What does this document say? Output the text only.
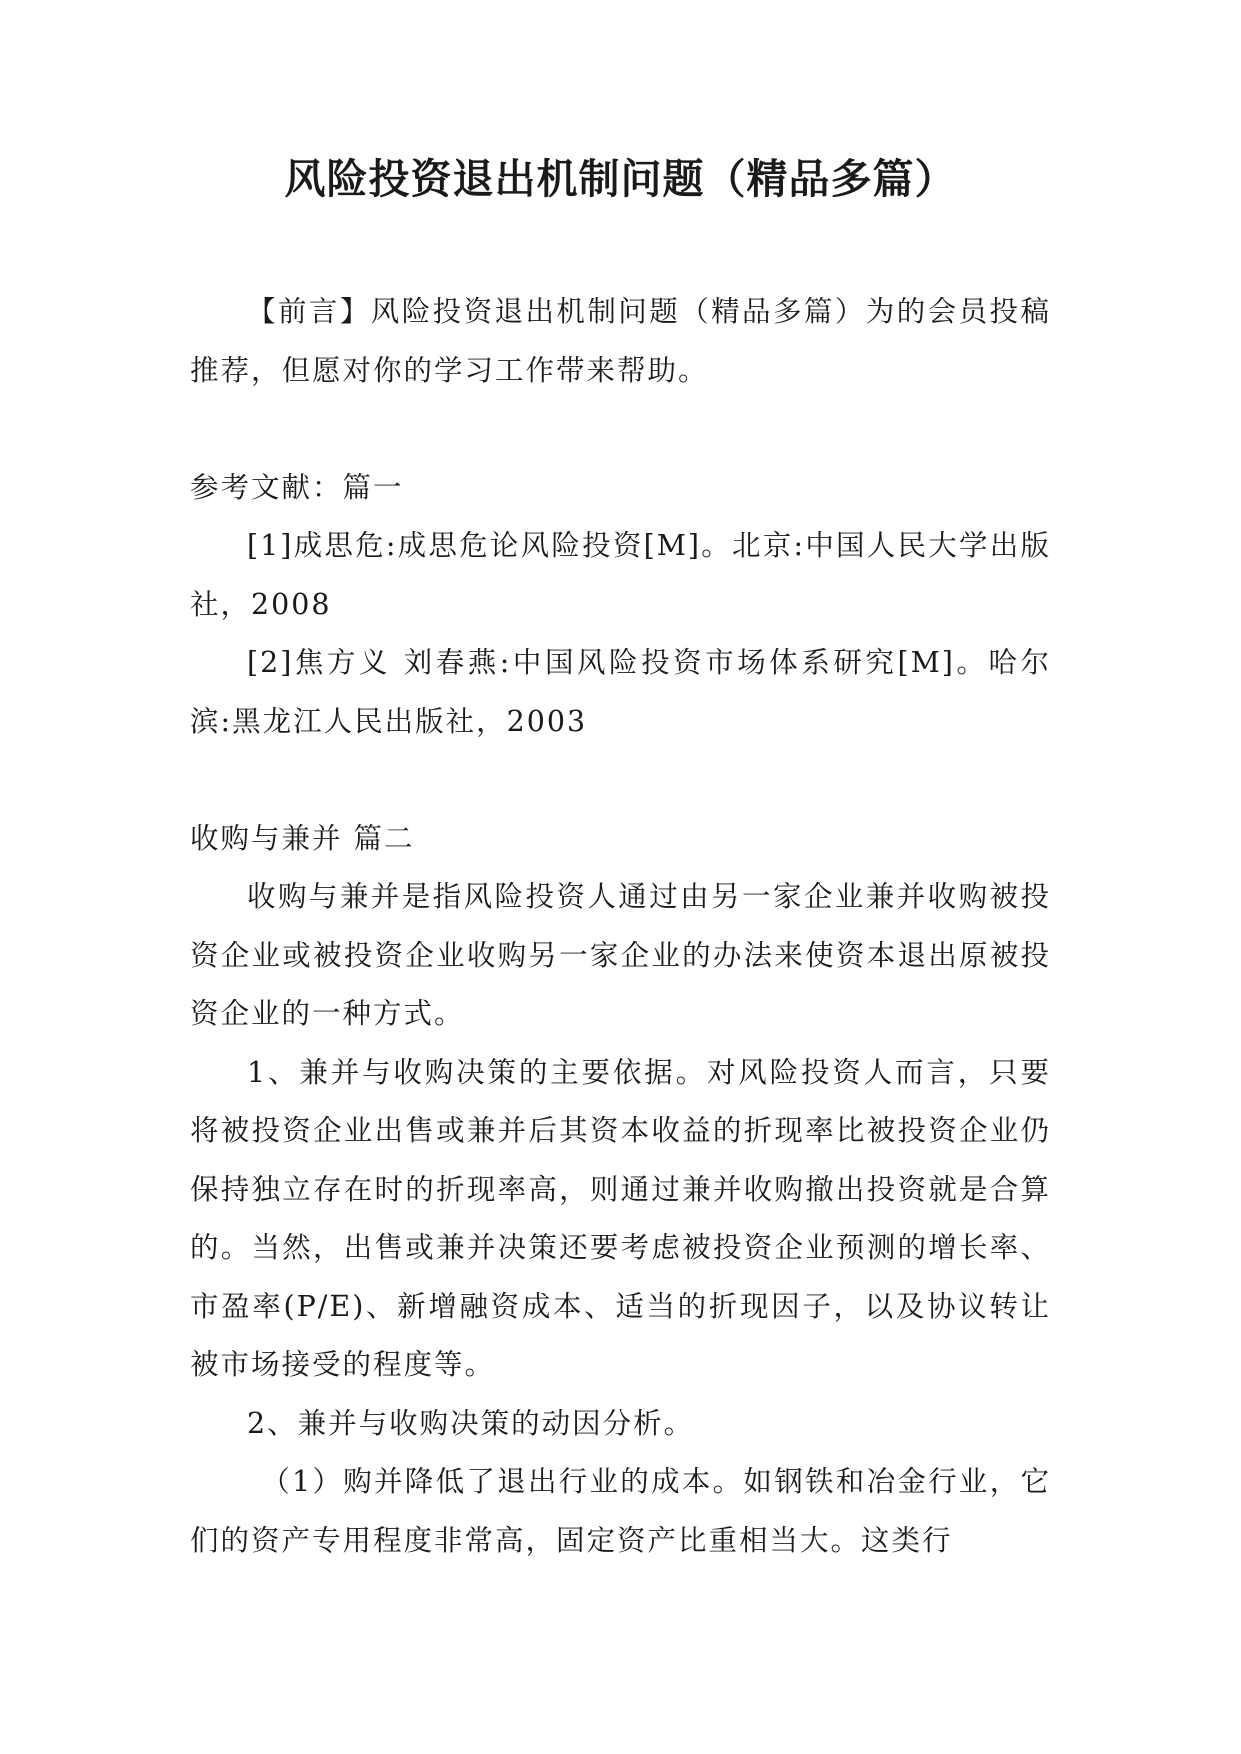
风险投资退出机制问题（精品多篇）

【前言】风险投资退出机制问题（精品多篇）为的会员投稿推荐，但愿对你的学习工作带来帮助。

参考文献：篇一

[1]成思危:成思危论风险投资[M]。北京:中国人民大学出版社，2008

[2]焦方义 刘春燕:中国风险投资市场体系研究[M]。哈尔滨:黑龙江人民出版社，2003

收购与兼并 篇二

收购与兼并是指风险投资人通过由另一家企业兼并收购被投资企业或被投资企业收购另一家企业的办法来使资本退出原被投资企业的一种方式。

1、兼并与收购决策的主要依据。对风险投资人而言，只要将被投资企业出售或兼并后其资本收益的折现率比被投资企业仍保持独立存在时的折现率高，则通过兼并收购撤出投资就是合算的。当然，出售或兼并决策还要考虑被投资企业预测的增长率、市盈率(P/E)、新增融资成本、适当的折现因子，以及协议转让被市场接受的程度等。

2、兼并与收购决策的动因分析。

（1）购并降低了退出行业的成本。如钢铁和冶金行业，它们的资产专用程度非常高，固定资产比重相当大。这类行
